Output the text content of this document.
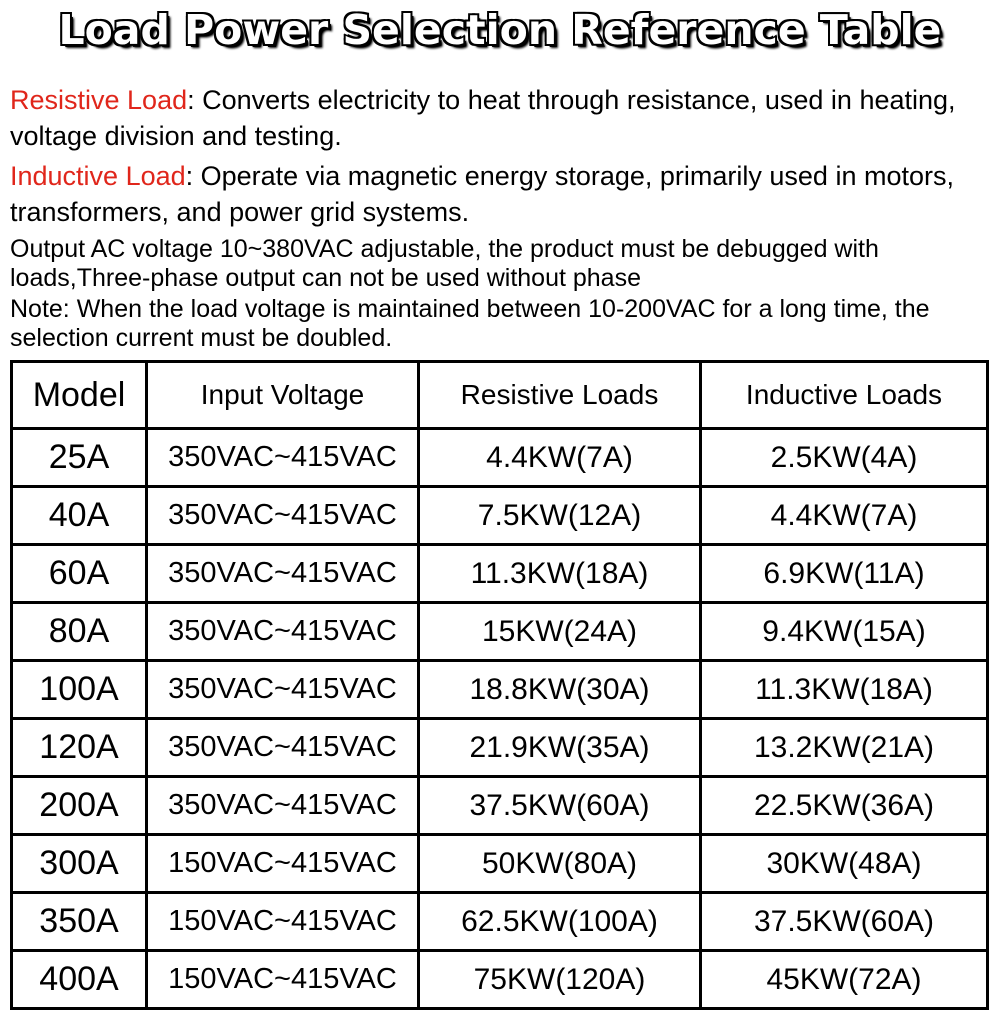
Load Power Selection Reference Table

Resistive Load: Converts electricity to heat through resistance, used in heating, voltage division and testing.

Inductive Load: Operate via magnetic energy storage, primarily used in motors, transformers, and power grid systems.

Output AC voltage 10~380VAC adjustable, the product must be debugged with loads,Three-phase output can not be used without phase

Note: When the load voltage is maintained between 10-200VAC for a long time, the selection current must be doubled.

Model	Input Voltage	Resistive Loads	Inductive Loads
25A	350VAC~415VAC	4.4KW(7A)	2.5KW(4A)
40A	350VAC~415VAC	7.5KW(12A)	4.4KW(7A)
60A	350VAC~415VAC	11.3KW(18A)	6.9KW(11A)
80A	350VAC~415VAC	15KW(24A)	9.4KW(15A)
100A	350VAC~415VAC	18.8KW(30A)	11.3KW(18A)
120A	350VAC~415VAC	21.9KW(35A)	13.2KW(21A)
200A	350VAC~415VAC	37.5KW(60A)	22.5KW(36A)
300A	150VAC~415VAC	50KW(80A)	30KW(48A)
350A	150VAC~415VAC	62.5KW(100A)	37.5KW(60A)
400A	150VAC~415VAC	75KW(120A)	45KW(72A)
